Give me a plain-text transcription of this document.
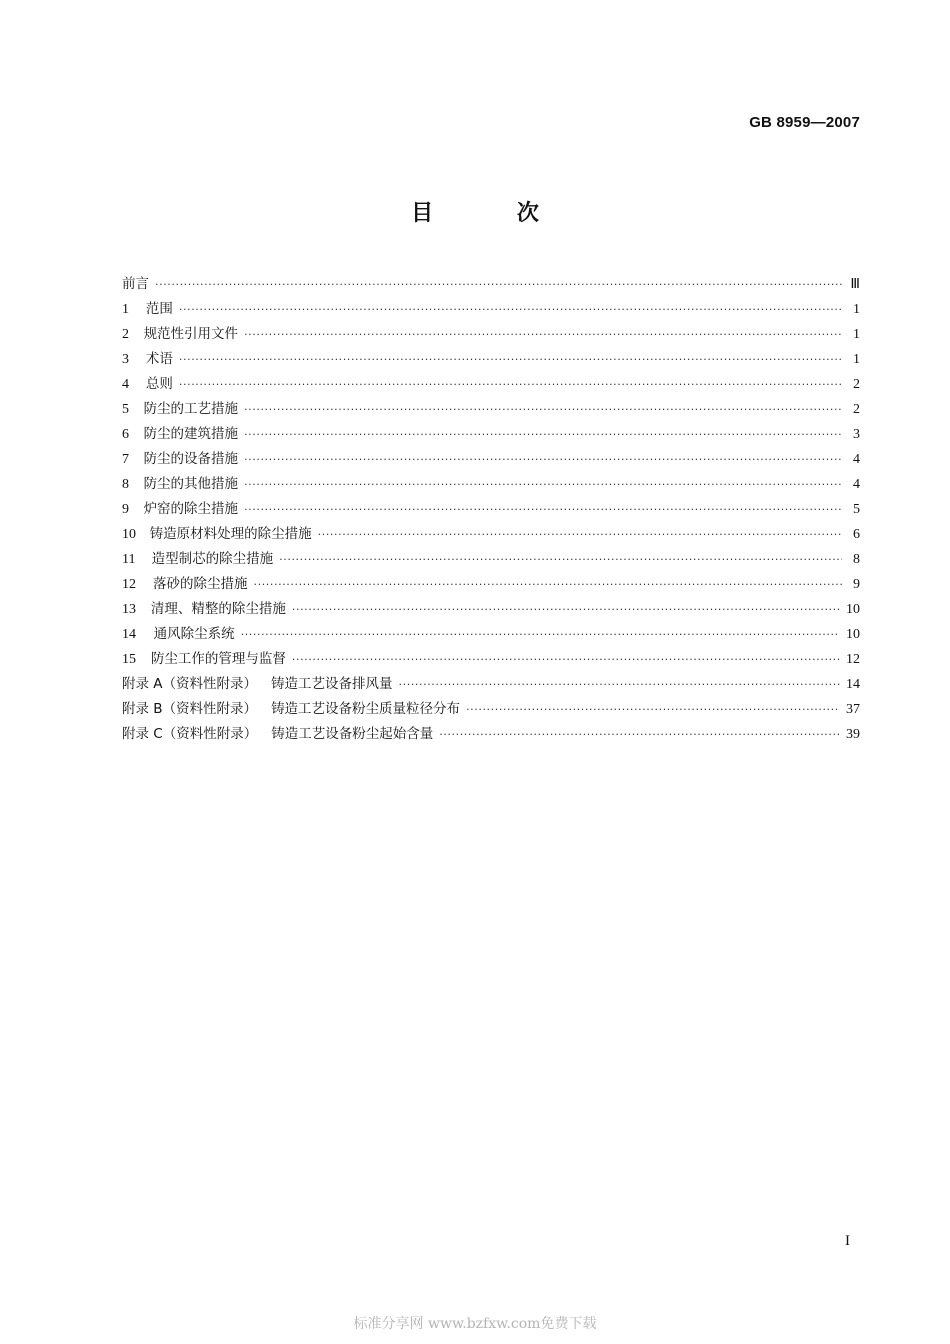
GB 8959—2007
目 次
前言 ·····	Ⅲ
1	范围 ·····	1
2	规范性引用文件 ·····	1
3	术语 ·····	1
4	总则 ·····	2
5	防尘的工艺措施 ·····	2
6	防尘的建筑措施 ·····	3
7	防尘的设备措施 ·····	4
8	防尘的其他措施 ·····	4
9	炉窑的除尘措施 ·····	5
10	铸造原材料处理的除尘措施 ·····	6
11	造型制芯的除尘措施 ·····	8
12	落砂的除尘措施 ·····	9
13	清理、精整的除尘措施 ·····	10
14	通风除尘系统 ·····	10
15	防尘工作的管理与监督 ·····	12
附录 A（资料性附录） 铸造工艺设备排风量 ·····	14
附录 B（资料性附录） 铸造工艺设备粉尘质量粒径分布 ·····	37
附录 C（资料性附录） 铸造工艺设备粉尘起始含量 ·····	39
I
标准分享网 www.bzfxw.com免费下载
